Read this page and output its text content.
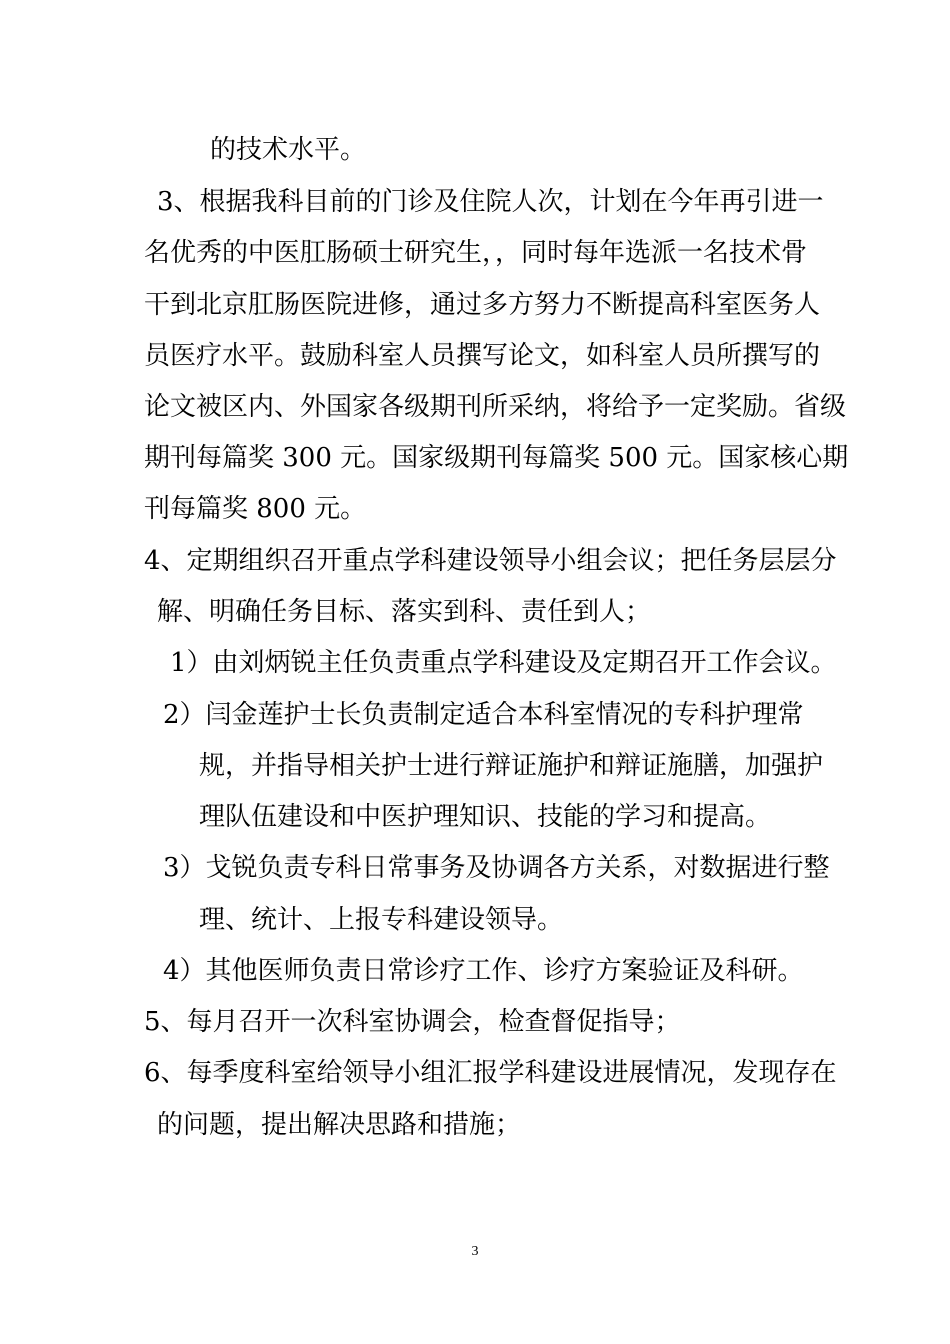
的技术水平。
3、根据我科目前的门诊及住院人次，计划在今年再引进一
名优秀的中医肛肠硕士研究生，，同时每年选派一名技术骨
干到北京肛肠医院进修，通过多方努力不断提高科室医务人
员医疗水平。鼓励科室人员撰写论文，如科室人员所撰写的
论文被区内、外国家各级期刊所采纳，将给予一定奖励。省级
期刊每篇奖 300 元。国家级期刊每篇奖 500 元。国家核心期
刊每篇奖 800 元。
4、定期组织召开重点学科建设领导小组会议；把任务层层分
解、明确任务目标、落实到科、责任到人；
1）由刘炳锐主任负责重点学科建设及定期召开工作会议。
2）闫金莲护士长负责制定适合本科室情况的专科护理常
规，并指导相关护士进行辩证施护和辩证施膳，加强护
理队伍建设和中医护理知识、技能的学习和提高。
3）戈锐负责专科日常事务及协调各方关系，对数据进行整
理、统计、上报专科建设领导。
4）其他医师负责日常诊疗工作、诊疗方案验证及科研。
5、每月召开一次科室协调会，检查督促指导；
6、每季度科室给领导小组汇报学科建设进展情况，发现存在
的问题，提出解决思路和措施；
3
